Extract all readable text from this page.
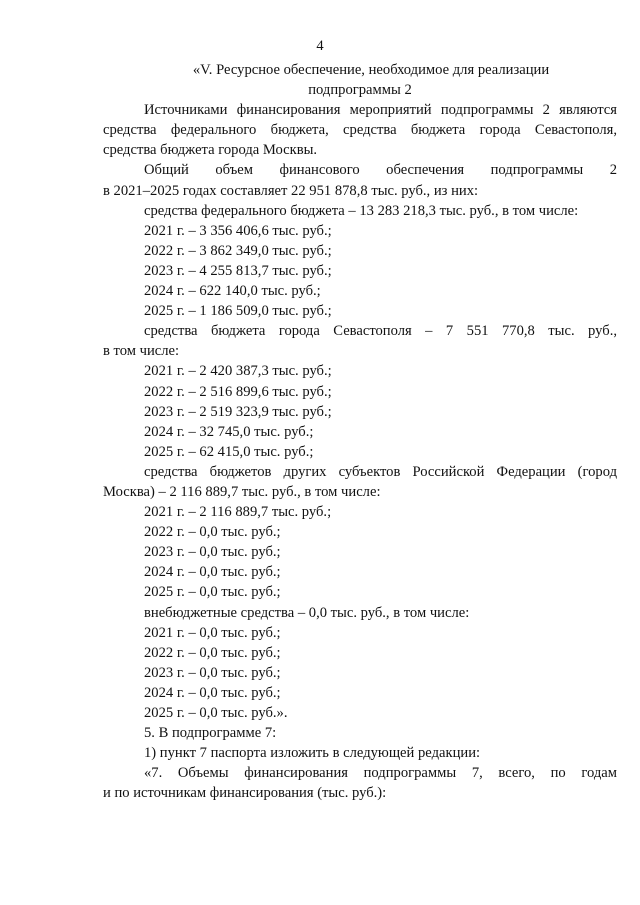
4
«V. Ресурсное обеспечение, необходимое для реализации
подпрограммы 2
Источниками финансирования мероприятий подпрограммы 2 являются
средства федерального бюджета, средства бюджета города Севастополя,
средства бюджета города Москвы.
Общий объем финансового обеспечения подпрограммы 2
в 2021–2025 годах составляет 22 951 878,8 тыс. руб., из них:
средства федерального бюджета – 13 283 218,3 тыс. руб., в том числе:
2021 г. – 3 356 406,6 тыс. руб.;
2022 г. – 3 862 349,0 тыс. руб.;
2023 г. – 4 255 813,7 тыс. руб.;
2024 г. – 622 140,0 тыс. руб.;
2025 г. – 1 186 509,0 тыс. руб.;
средства бюджета города Севастополя – 7 551 770,8 тыс. руб.,
в том числе:
2021 г. – 2 420 387,3 тыс. руб.;
2022 г. – 2 516 899,6 тыс. руб.;
2023 г. – 2 519 323,9 тыс. руб.;
2024 г. – 32 745,0 тыс. руб.;
2025 г. – 62 415,0 тыс. руб.;
средства бюджетов других субъектов Российской Федерации (город
Москва) – 2 116 889,7 тыс. руб., в том числе:
2021 г. – 2 116 889,7 тыс. руб.;
2022 г. – 0,0 тыс. руб.;
2023 г. – 0,0 тыс. руб.;
2024 г. – 0,0 тыс. руб.;
2025 г. – 0,0 тыс. руб.;
внебюджетные средства – 0,0 тыс. руб., в том числе:
2021 г. – 0,0 тыс. руб.;
2022 г. – 0,0 тыс. руб.;
2023 г. – 0,0 тыс. руб.;
2024 г. – 0,0 тыс. руб.;
2025 г. – 0,0 тыс. руб.».
5. В подпрограмме 7:
1) пункт 7 паспорта изложить в следующей редакции:
«7. Объемы финансирования подпрограммы 7, всего, по годам
и по источникам финансирования (тыс. руб.):
